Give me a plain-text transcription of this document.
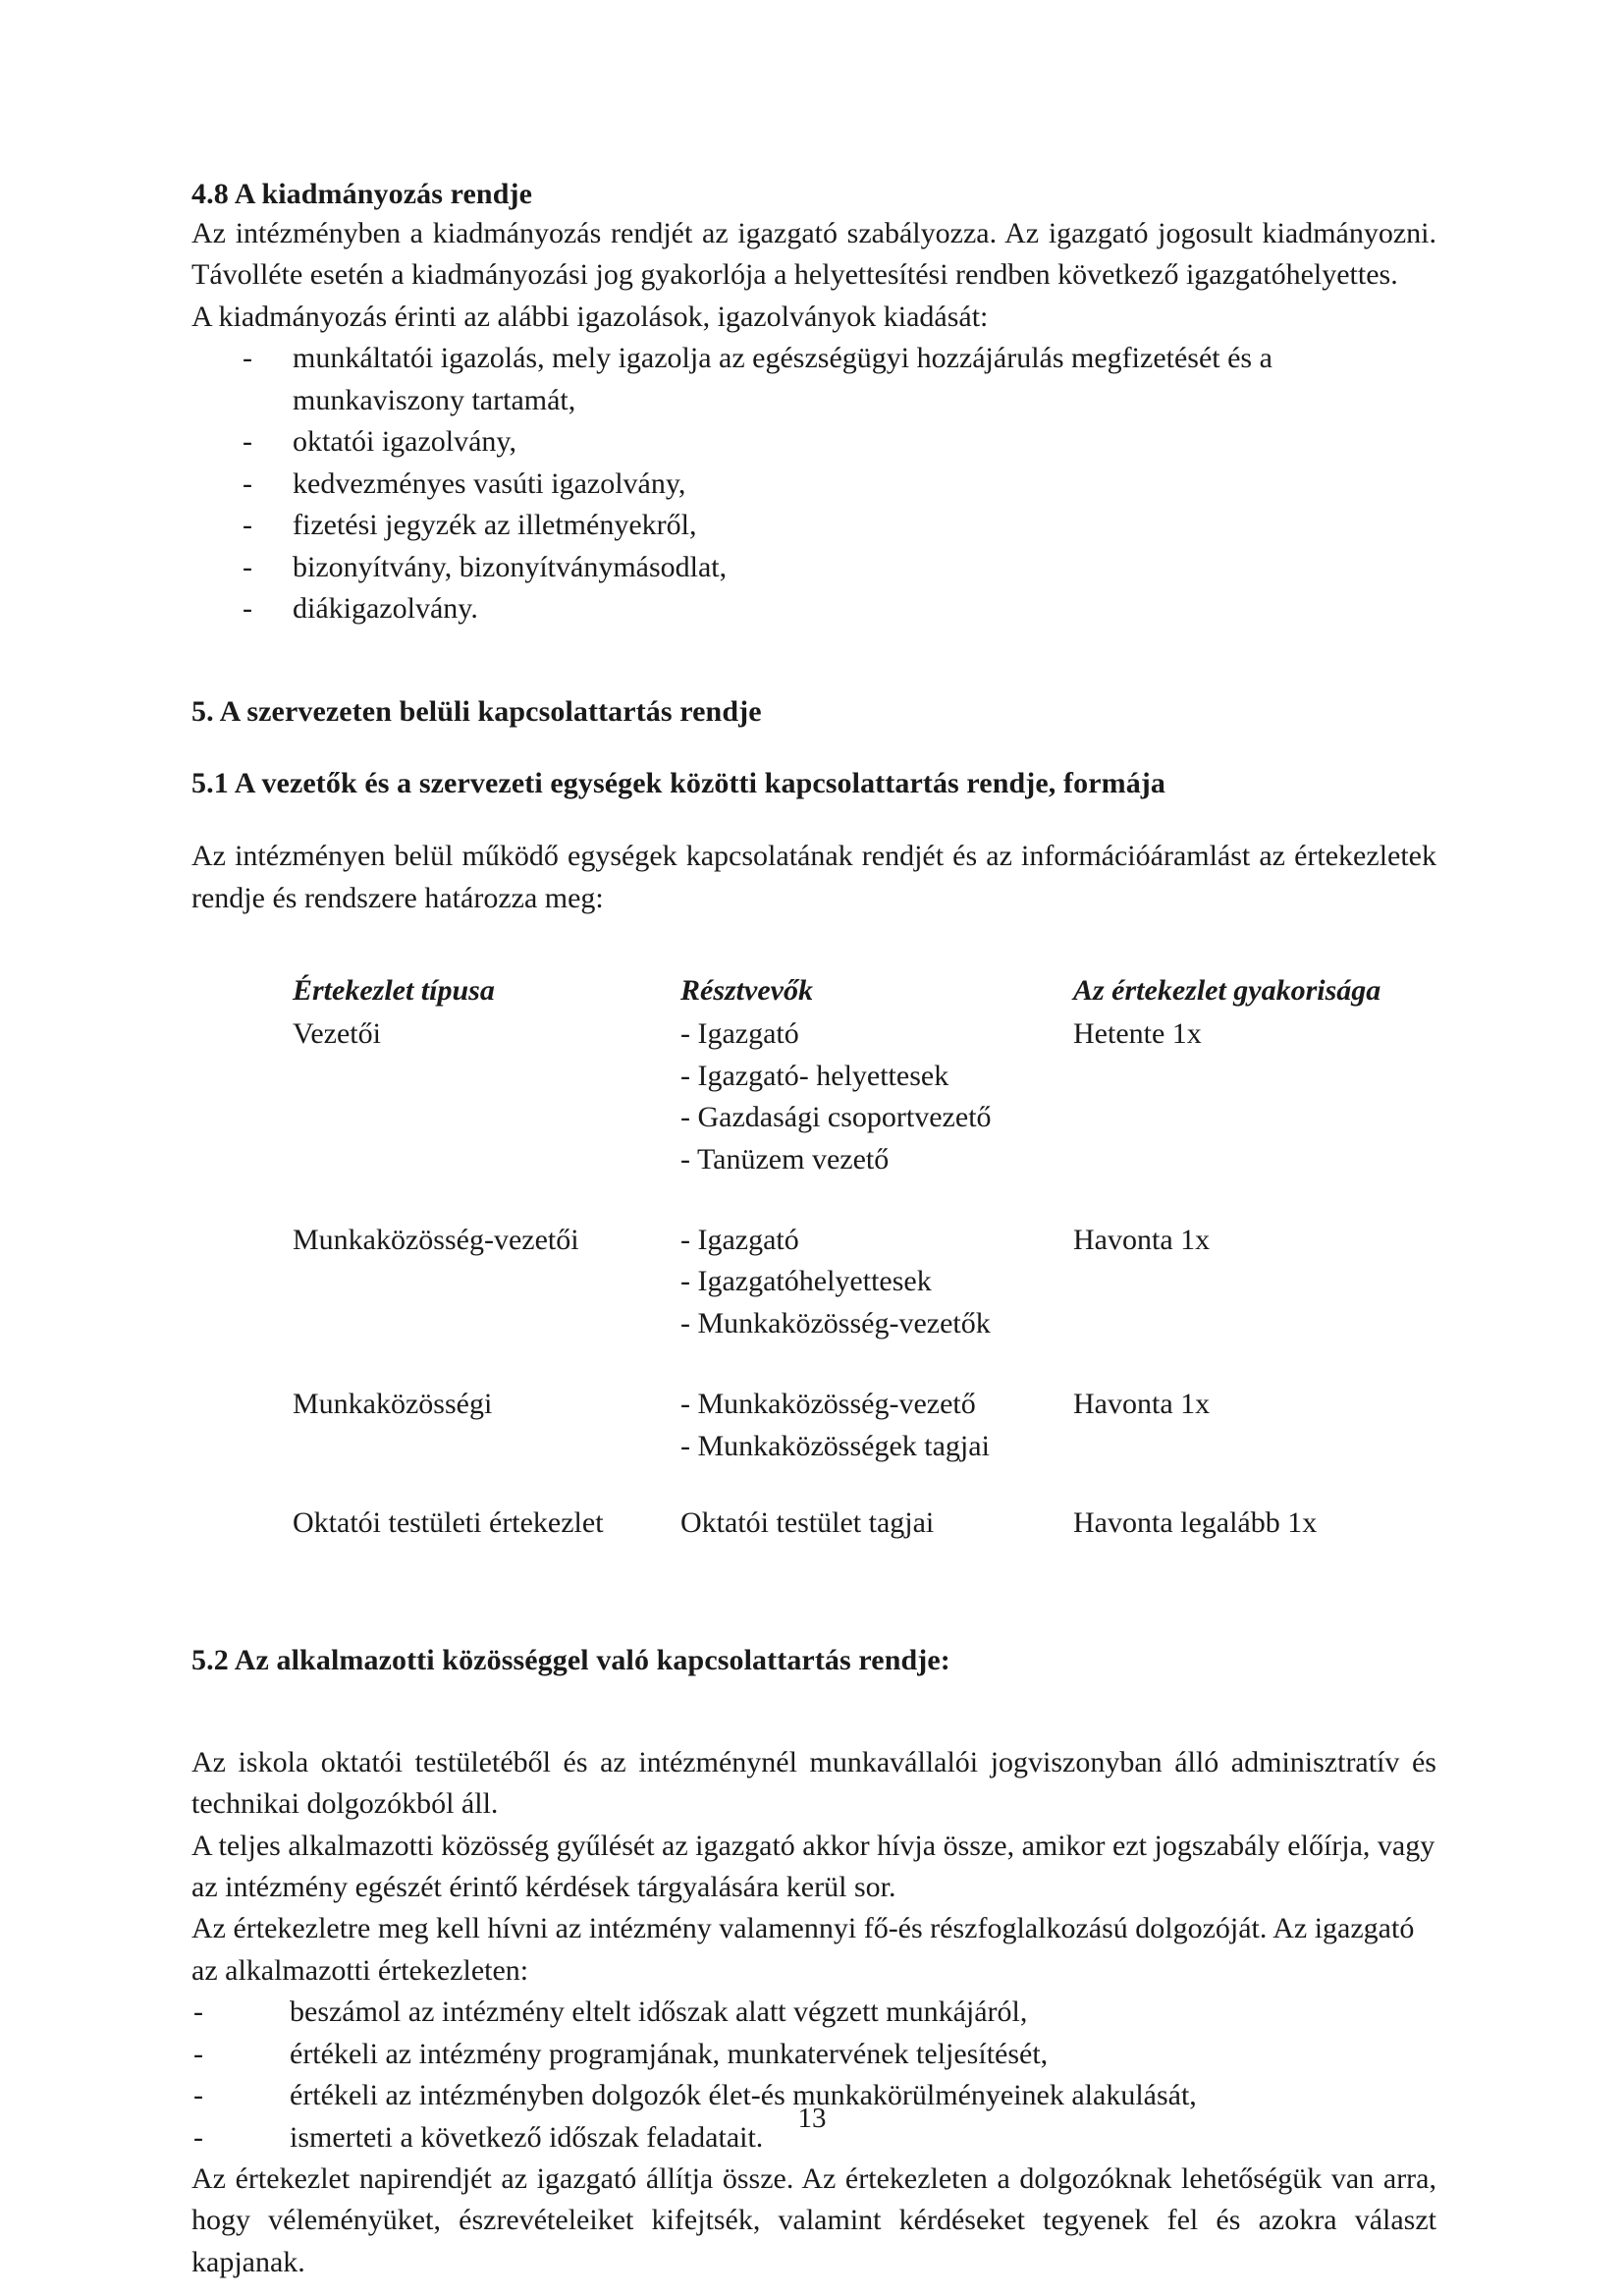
4.8 A kiadmányozás rendje

Az intézményben a kiadmányozás rendjét az igazgató szabályozza. Az igazgató jogosult kiadmányozni. Távolléte esetén a kiadmányozási jog gyakorlója a helyettesítési rendben következő igazgatóhelyettes.

A kiadmányozás érinti az alábbi igazolások, igazolványok kiadását:

- munkáltatói igazolás, mely igazolja az egészségügyi hozzájárulás megfizetését és a munkaviszony tartamát,
- oktatói igazolvány,
- kedvezményes vasúti igazolvány,
- fizetési jegyzék az illetményekről,
- bizonyítvány, bizonyítványmásodlat,
- diákigazolvány.
5. A szervezeten belüli kapcsolattartás rendje
5.1 A vezetők és a szervezeti egységek közötti kapcsolattartás rendje, formája

Az intézményen belül működő egységek kapcsolatának rendjét és az információáramlást az értekezletek rendje és rendszere határozza meg:

Értekezlet típusa	Résztvevők	Az értekezlet gyakorisága
Vezetői	- Igazgató
- Igazgató- helyettesek
- Gazdasági csoportvezető
- Tanüzem vezető	Hetente 1x
Munkaközösség-vezetői	- Igazgató
- Igazgatóhelyettesek
- Munkaközösség-vezetők	Havonta 1x
Munkaközösségi	- Munkaközösség-vezető
- Munkaközösségek tagjai	Havonta 1x
Oktatói testületi értekezlet	Oktatói testület tagjai	Havonta legalább 1x
5.2 Az alkalmazotti közösséggel való kapcsolattartás rendje:

Az iskola oktatói testületéből és az intézménynél munkavállalói jogviszonyban álló adminisztratív és technikai dolgozókból áll.

A teljes alkalmazotti közösség gyűlését az igazgató akkor hívja össze, amikor ezt jogszabály előírja, vagy az intézmény egészét érintő kérdések tárgyalására kerül sor.

Az értekezletre meg kell hívni az intézmény valamennyi fő-és részfoglalkozású dolgozóját. Az igazgató az alkalmazotti értekezleten:

-	beszámol az intézmény eltelt időszak alatt végzett munkájáról,
-	értékeli az intézmény programjának, munkatervének teljesítését,
-	értékeli az intézményben dolgozók élet-és munkakörülményeinek alakulását,
-	ismerteti a következő időszak feladatait.

Az értekezlet napirendjét az igazgató állítja össze. Az értekezleten a dolgozóknak lehetőségük van arra, hogy véleményüket, észrevételeiket kifejtsék, valamint kérdéseket tegyenek fel és azokra választ kapjanak.

13
